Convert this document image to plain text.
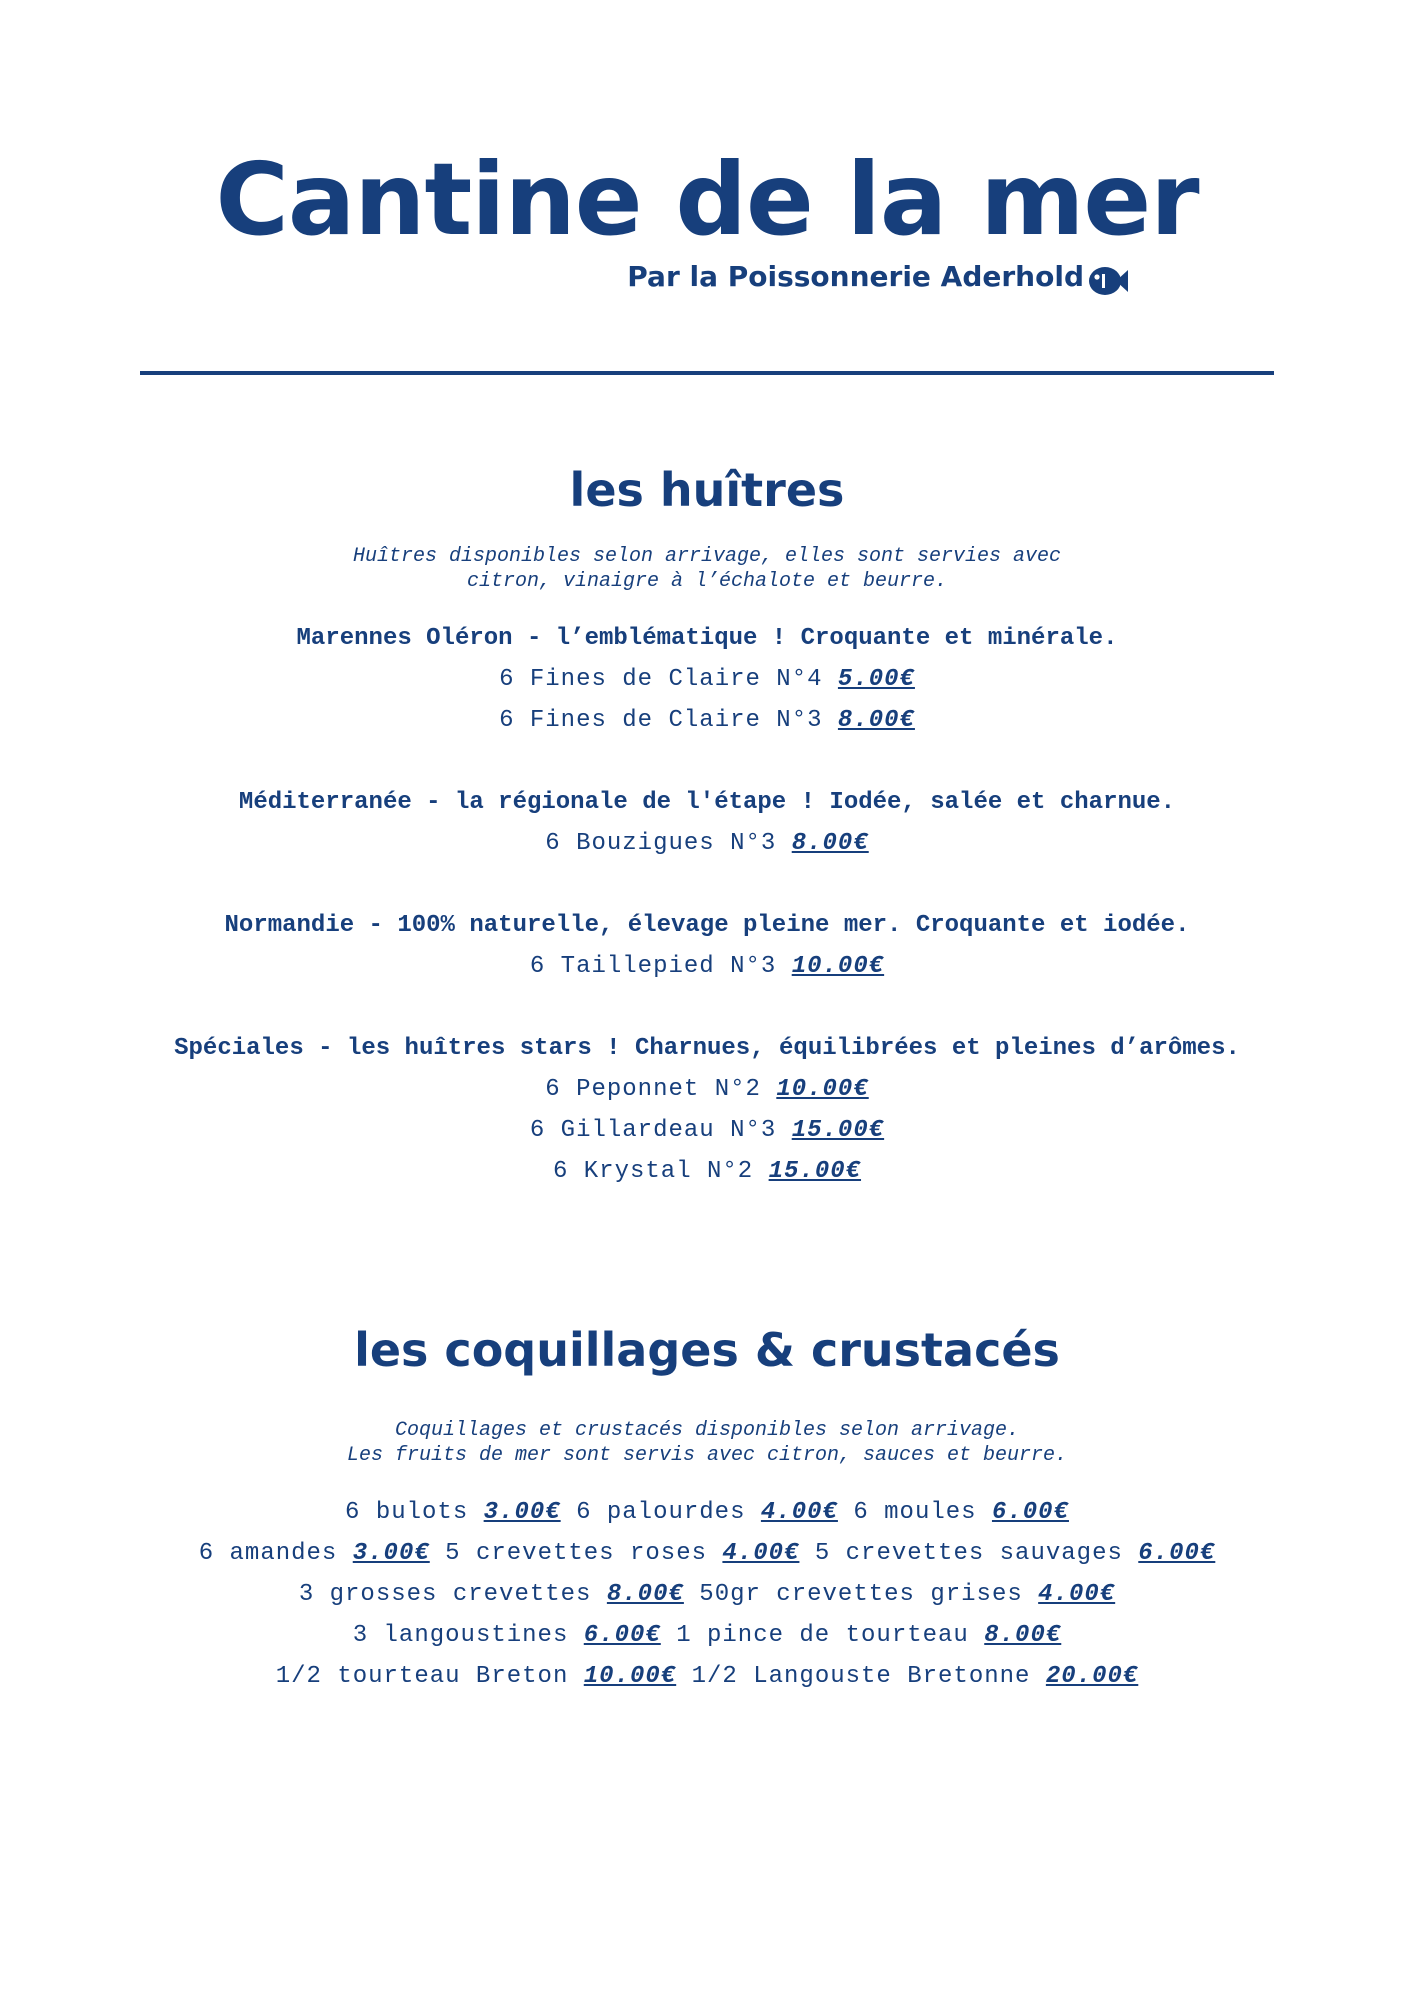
Cantine de la mer
Par la Poissonnerie Aderhold
les huîtres

Huîtres disponibles selon arrivage, elles sont servies avec
citron, vinaigre à l’échalote et beurre.

Marennes Oléron - l’emblématique ! Croquante et minérale.

6 Fines de Claire N°4 5.00€
6 Fines de Claire N°3 8.00€

Méditerranée - la régionale de l'étape ! Iodée, salée et charnue.

6 Bouzigues N°3 8.00€

Normandie - 100% naturelle, élevage pleine mer. Croquante et iodée.

6 Taillepied N°3 10.00€

Spéciales - les huîtres stars ! Charnues, équilibrées et pleines d’arômes.

6 Peponnet N°2 10.00€
6 Gillardeau N°3 15.00€
6 Krystal N°2 15.00€
les coquillages & crustacés

Coquillages et crustacés disponibles selon arrivage.
Les fruits de mer sont servis avec citron, sauces et beurre.

6 bulots 3.00€ 6 palourdes 4.00€ 6 moules 6.00€
6 amandes 3.00€ 5 crevettes roses 4.00€ 5 crevettes sauvages 6.00€
3 grosses crevettes 8.00€ 50gr crevettes grises 4.00€
3 langoustines 6.00€ 1 pince de tourteau 8.00€
1/2 tourteau Breton 10.00€ 1/2 Langouste Bretonne 20.00€
